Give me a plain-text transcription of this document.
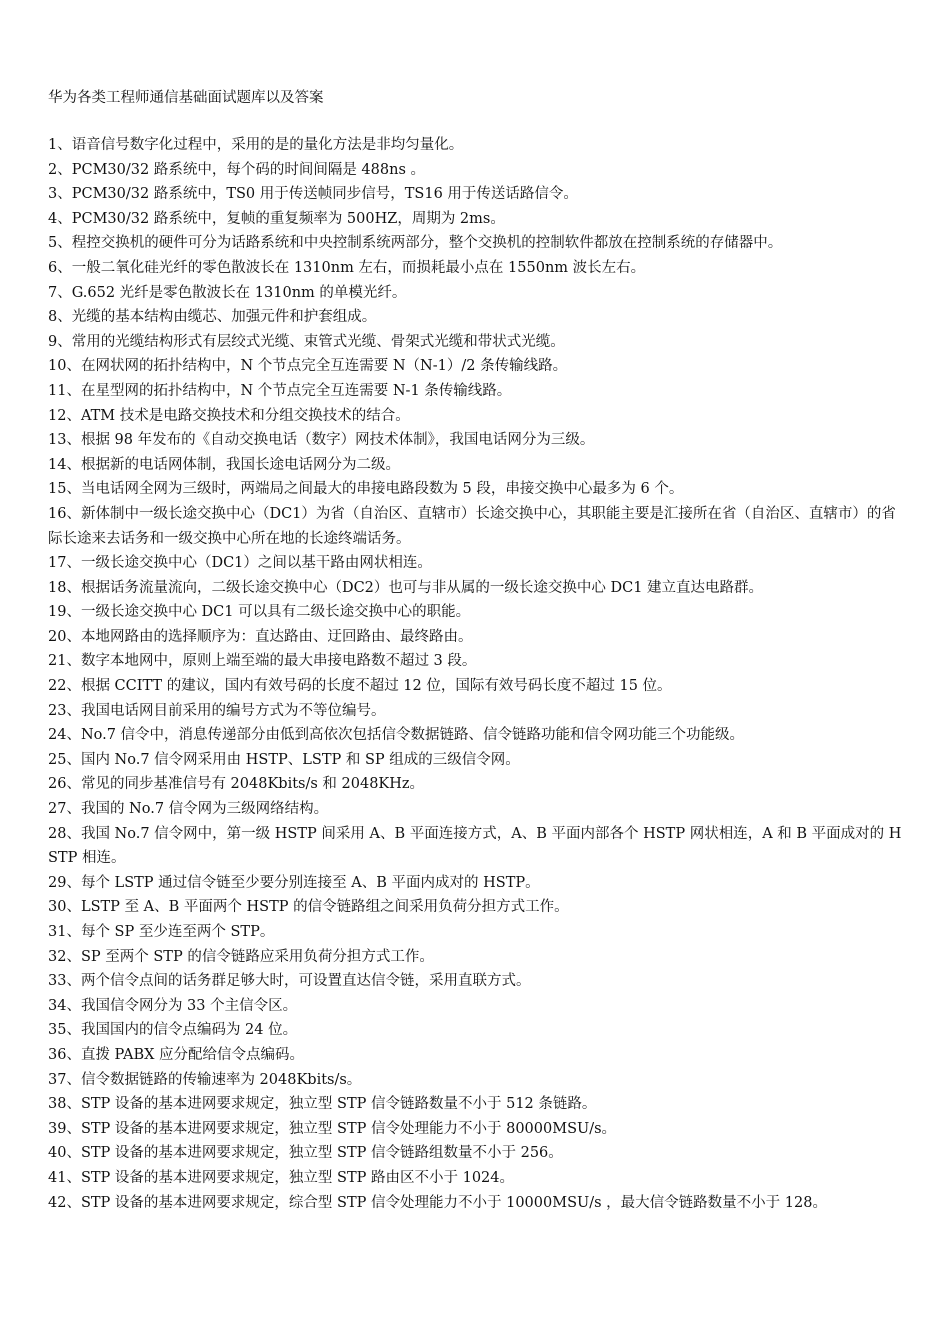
华为各类工程师通信基础面试题库以及答案
1、语音信号数字化过程中，采用的是的量化方法是非均匀量化。
2、PCM30/32 路系统中，每个码的时间间隔是 488ns 。
3、PCM30/32 路系统中，TS0 用于传送帧同步信号，TS16 用于传送话路信令。
4、PCM30/32 路系统中，复帧的重复频率为 500HZ，周期为 2ms。
5、程控交换机的硬件可分为话路系统和中央控制系统两部分，整个交换机的控制软件都放在控制系统的存储器中。
6、一般二氧化硅光纤的零色散波长在 1310nm 左右，而损耗最小点在 1550nm 波长左右。
7、G.652 光纤是零色散波长在 1310nm 的单模光纤。
8、光缆的基本结构由缆芯、加强元件和护套组成。
9、常用的光缆结构形式有层绞式光缆、束管式光缆、骨架式光缆和带状式光缆。
10、在网状网的拓扑结构中，N 个节点完全互连需要 N（N-1）/2 条传输线路。
11、在星型网的拓扑结构中，N 个节点完全互连需要 N-1 条传输线路。
12、ATM 技术是电路交换技术和分组交换技术的结合。
13、根据 98 年发布的《自动交换电话（数字）网技术体制》，我国电话网分为三级。
14、根据新的电话网体制，我国长途电话网分为二级。
15、当电话网全网为三级时，两端局之间最大的串接电路段数为 5 段，串接交换中心最多为 6 个。
16、新体制中一级长途交换中心（DC1）为省（自治区、直辖市）长途交换中心，其职能主要是汇接所在省（自治区、直辖市）的省际长途来去话务和一级交换中心所在地的长途终端话务。
17、一级长途交换中心（DC1）之间以基干路由网状相连。
18、根据话务流量流向，二级长途交换中心（DC2）也可与非从属的一级长途交换中心 DC1 建立直达电路群。
19、一级长途交换中心 DC1 可以具有二级长途交换中心的职能。
20、本地网路由的选择顺序为：直达路由、迂回路由、最终路由。
21、数字本地网中，原则上端至端的最大串接电路数不超过 3 段。
22、根据 CCITT 的建议，国内有效号码的长度不超过 12 位，国际有效号码长度不超过 15 位。
23、我国电话网目前采用的编号方式为不等位编号。
24、No.7 信令中，消息传递部分由低到高依次包括信令数据链路、信令链路功能和信令网功能三个功能级。
25、国内 No.7 信令网采用由 HSTP、LSTP 和 SP 组成的三级信令网。
26、常见的同步基准信号有 2048Kbits/s 和 2048KHz。
27、我国的 No.7 信令网为三级网络结构。
28、我国 No.7 信令网中，第一级 HSTP 间采用 A、B 平面连接方式，A、B 平面内部各个 HSTP 网状相连，A 和 B 平面成对的 HSTP 相连。
29、每个 LSTP 通过信令链至少要分别连接至 A、B 平面内成对的 HSTP。
30、LSTP 至 A、B 平面两个 HSTP 的信令链路组之间采用负荷分担方式工作。
31、每个 SP 至少连至两个 STP。
32、SP 至两个 STP 的信令链路应采用负荷分担方式工作。
33、两个信令点间的话务群足够大时，可设置直达信令链，采用直联方式。
34、我国信令网分为 33 个主信令区。
35、我国国内的信令点编码为 24 位。
36、直拨 PABX 应分配给信令点编码。
37、信令数据链路的传输速率为 2048Kbits/s。
38、STP 设备的基本进网要求规定，独立型 STP 信令链路数量不小于 512 条链路。
39、STP 设备的基本进网要求规定，独立型 STP 信令处理能力不小于 80000MSU/s。
40、STP 设备的基本进网要求规定，独立型 STP 信令链路组数量不小于 256。
41、STP 设备的基本进网要求规定，独立型 STP 路由区不小于 1024。
42、STP 设备的基本进网要求规定，综合型 STP 信令处理能力不小于 10000MSU/s ，最大信令链路数量不小于 128。
